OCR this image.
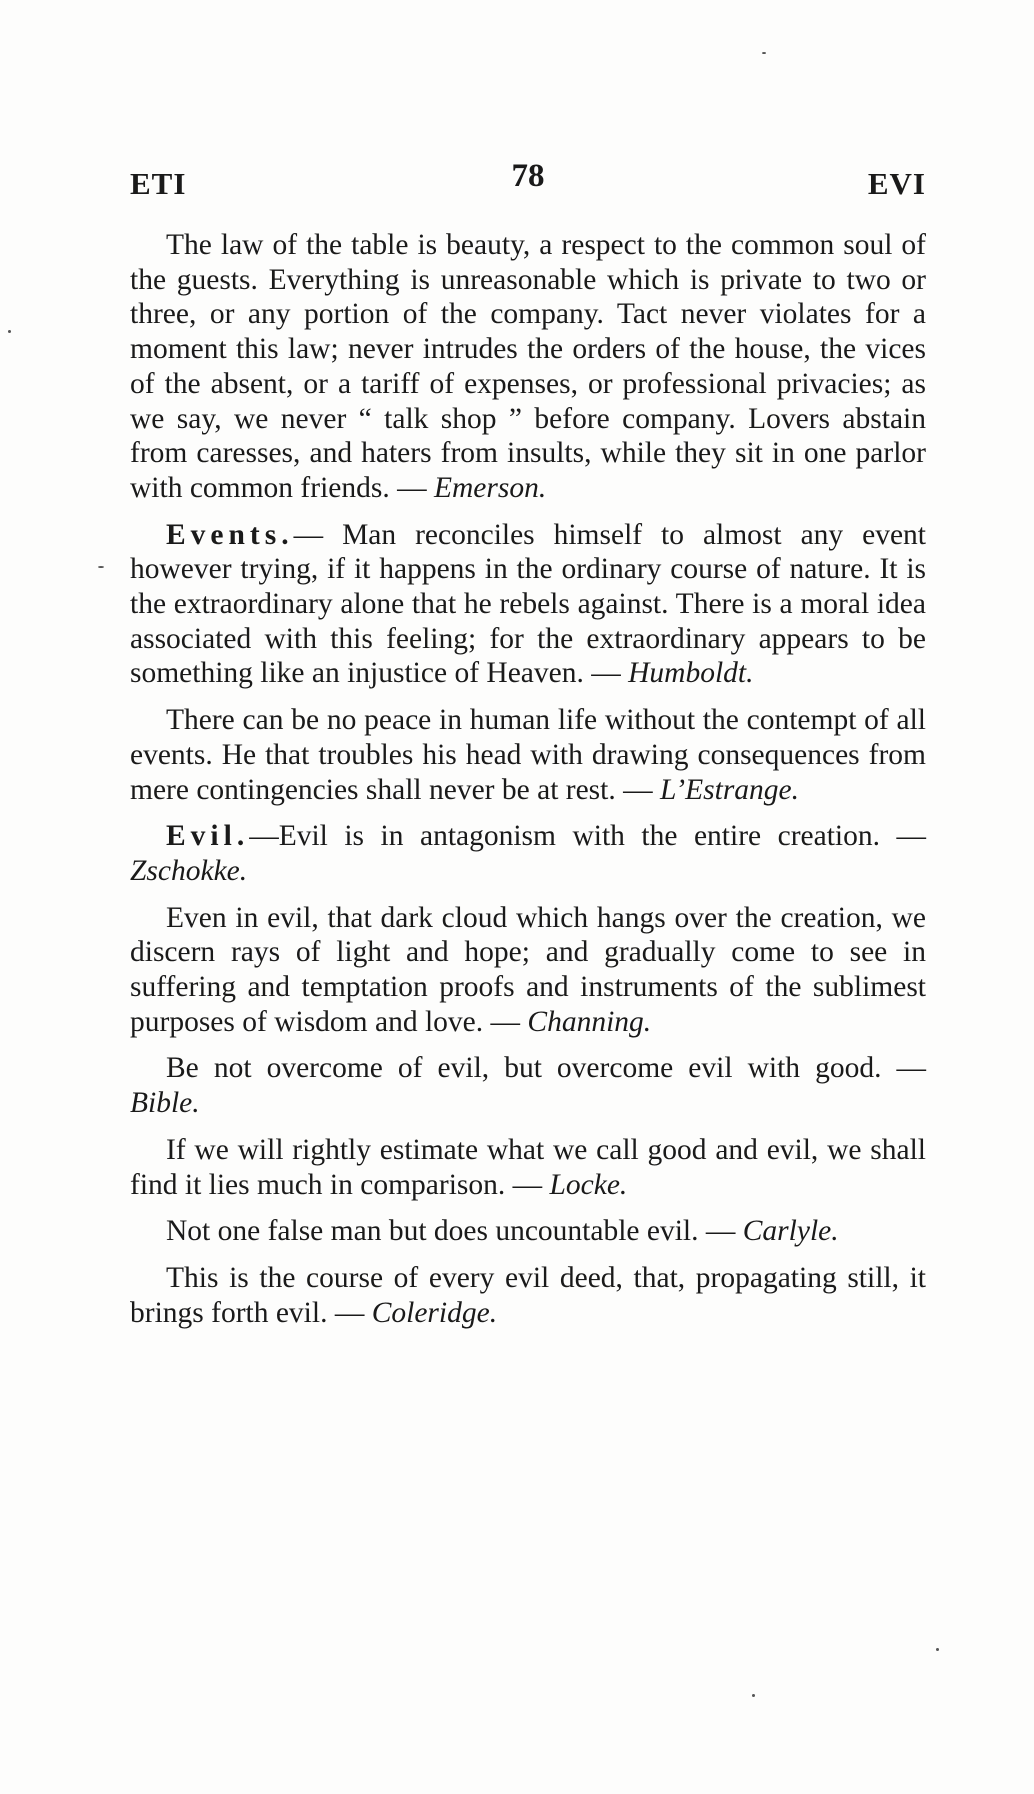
ETI	78	EVI

The law of the table is beauty, a respect to the common soul of the guests. Everything is unreasonable which is private to two or three, or any portion of the company. Tact never violates for a moment this law; never intrudes the orders of the house, the vices of the absent, or a tariff of expenses, or professional privacies; as we say, we never “ talk shop ” before company. Lovers abstain from caresses, and haters from insults, while they sit in one parlor with common friends. — Emerson.

Events.— Man reconciles himself to almost any event however trying, if it happens in the ordinary course of nature. It is the extraordinary alone that he rebels against. There is a moral idea associated with this feeling; for the extraordinary appears to be something like an injustice of Heaven. — Humboldt.

There can be no peace in human life without the contempt of all events. He that troubles his head with drawing consequences from mere contingencies shall never be at rest. — L’Estrange.

Evil.—Evil is in antagonism with the entire creation. — Zschokke.

Even in evil, that dark cloud which hangs over the creation, we discern rays of light and hope; and gradually come to see in suffering and temptation proofs and instruments of the sublimest purposes of wisdom and love. — Channing.

Be not overcome of evil, but overcome evil with good. — Bible.

If we will rightly estimate what we call good and evil, we shall find it lies much in comparison. — Locke.

Not one false man but does uncountable evil. — Carlyle.

This is the course of every evil deed, that, propagating still, it brings forth evil. — Coleridge.
